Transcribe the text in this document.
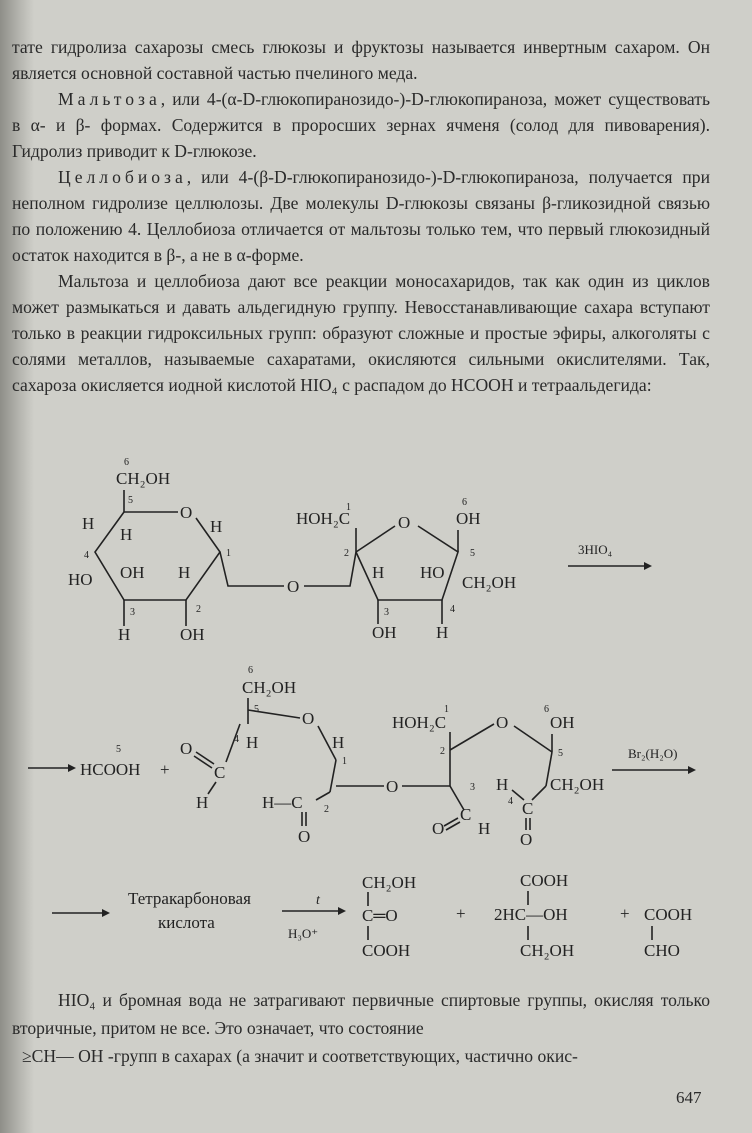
тате гидролиза сахарозы смесь глюкозы и фруктозы называется инвертным сахаром. Он является основной составной частью пчелиного меда.

Мальтоза, или 4-(α-D-глюкопиранозидо-)-D-глюкопираноза, может существовать в α- и β- формах. Содержится в проросших зернах ячменя (солод для пивоварения). Гидролиз приводит к D-глюкозе.

Целлобиоза, или 4-(β-D-глюкопиранозидо-)-D-глюкопираноза, получается при неполном гидролизе целлюлозы. Две молекулы D-глюкозы связаны β-гликозидной связью по положению 4. Целлобиоза отличается от мальтозы только тем, что первый глюкозидный остаток находится в β-, а не в α-форме.

Мальтоза и целлобиоза дают все реакции моносахаридов, так как один из циклов может размыкаться и давать альдегидную группу. Невосстанавливающие сахара вступают только в реакции гидроксильных групп: образуют сложные и простые эфиры, алкоголяты с солями металлов, называемые сахаратами, окисляются сильными окислителями. Так, сахароза окисляется иодной кислотой HIO₄ с распадом до HCOOH и тетраальдегида:

6
CH₂OH
5
O
H
H	H
4	1
HO OH H
3	2
H	OH
O
1
HOH₂C	O
6
OH
2	5
H HO
CH₂OH
3	4
OH H
3HIO₄
5
HCOOH +
6
CH₂OH
5	O
H
1
4 H
O
C
H	H—C 2
O
O
1
HOH₂C	O
6
OH
2	5
CH₂OH
3
C
O H
H
4 C
O
Br₂(H₂O)
Тетракарбоновая
кислота
t
H₃O⁺
CH₂OH
C═O
COOH
+
COOH
2HC—OH
CH₂OH
+ COOH
CHO

HIO₄ и бромная вода не затрагивают первичные спиртовые группы, окисляя только вторичные, притом не все. Это означает, что состояние

≥CH— OH -групп в сахарах (а значит и соответствующих, частично окис-

647
